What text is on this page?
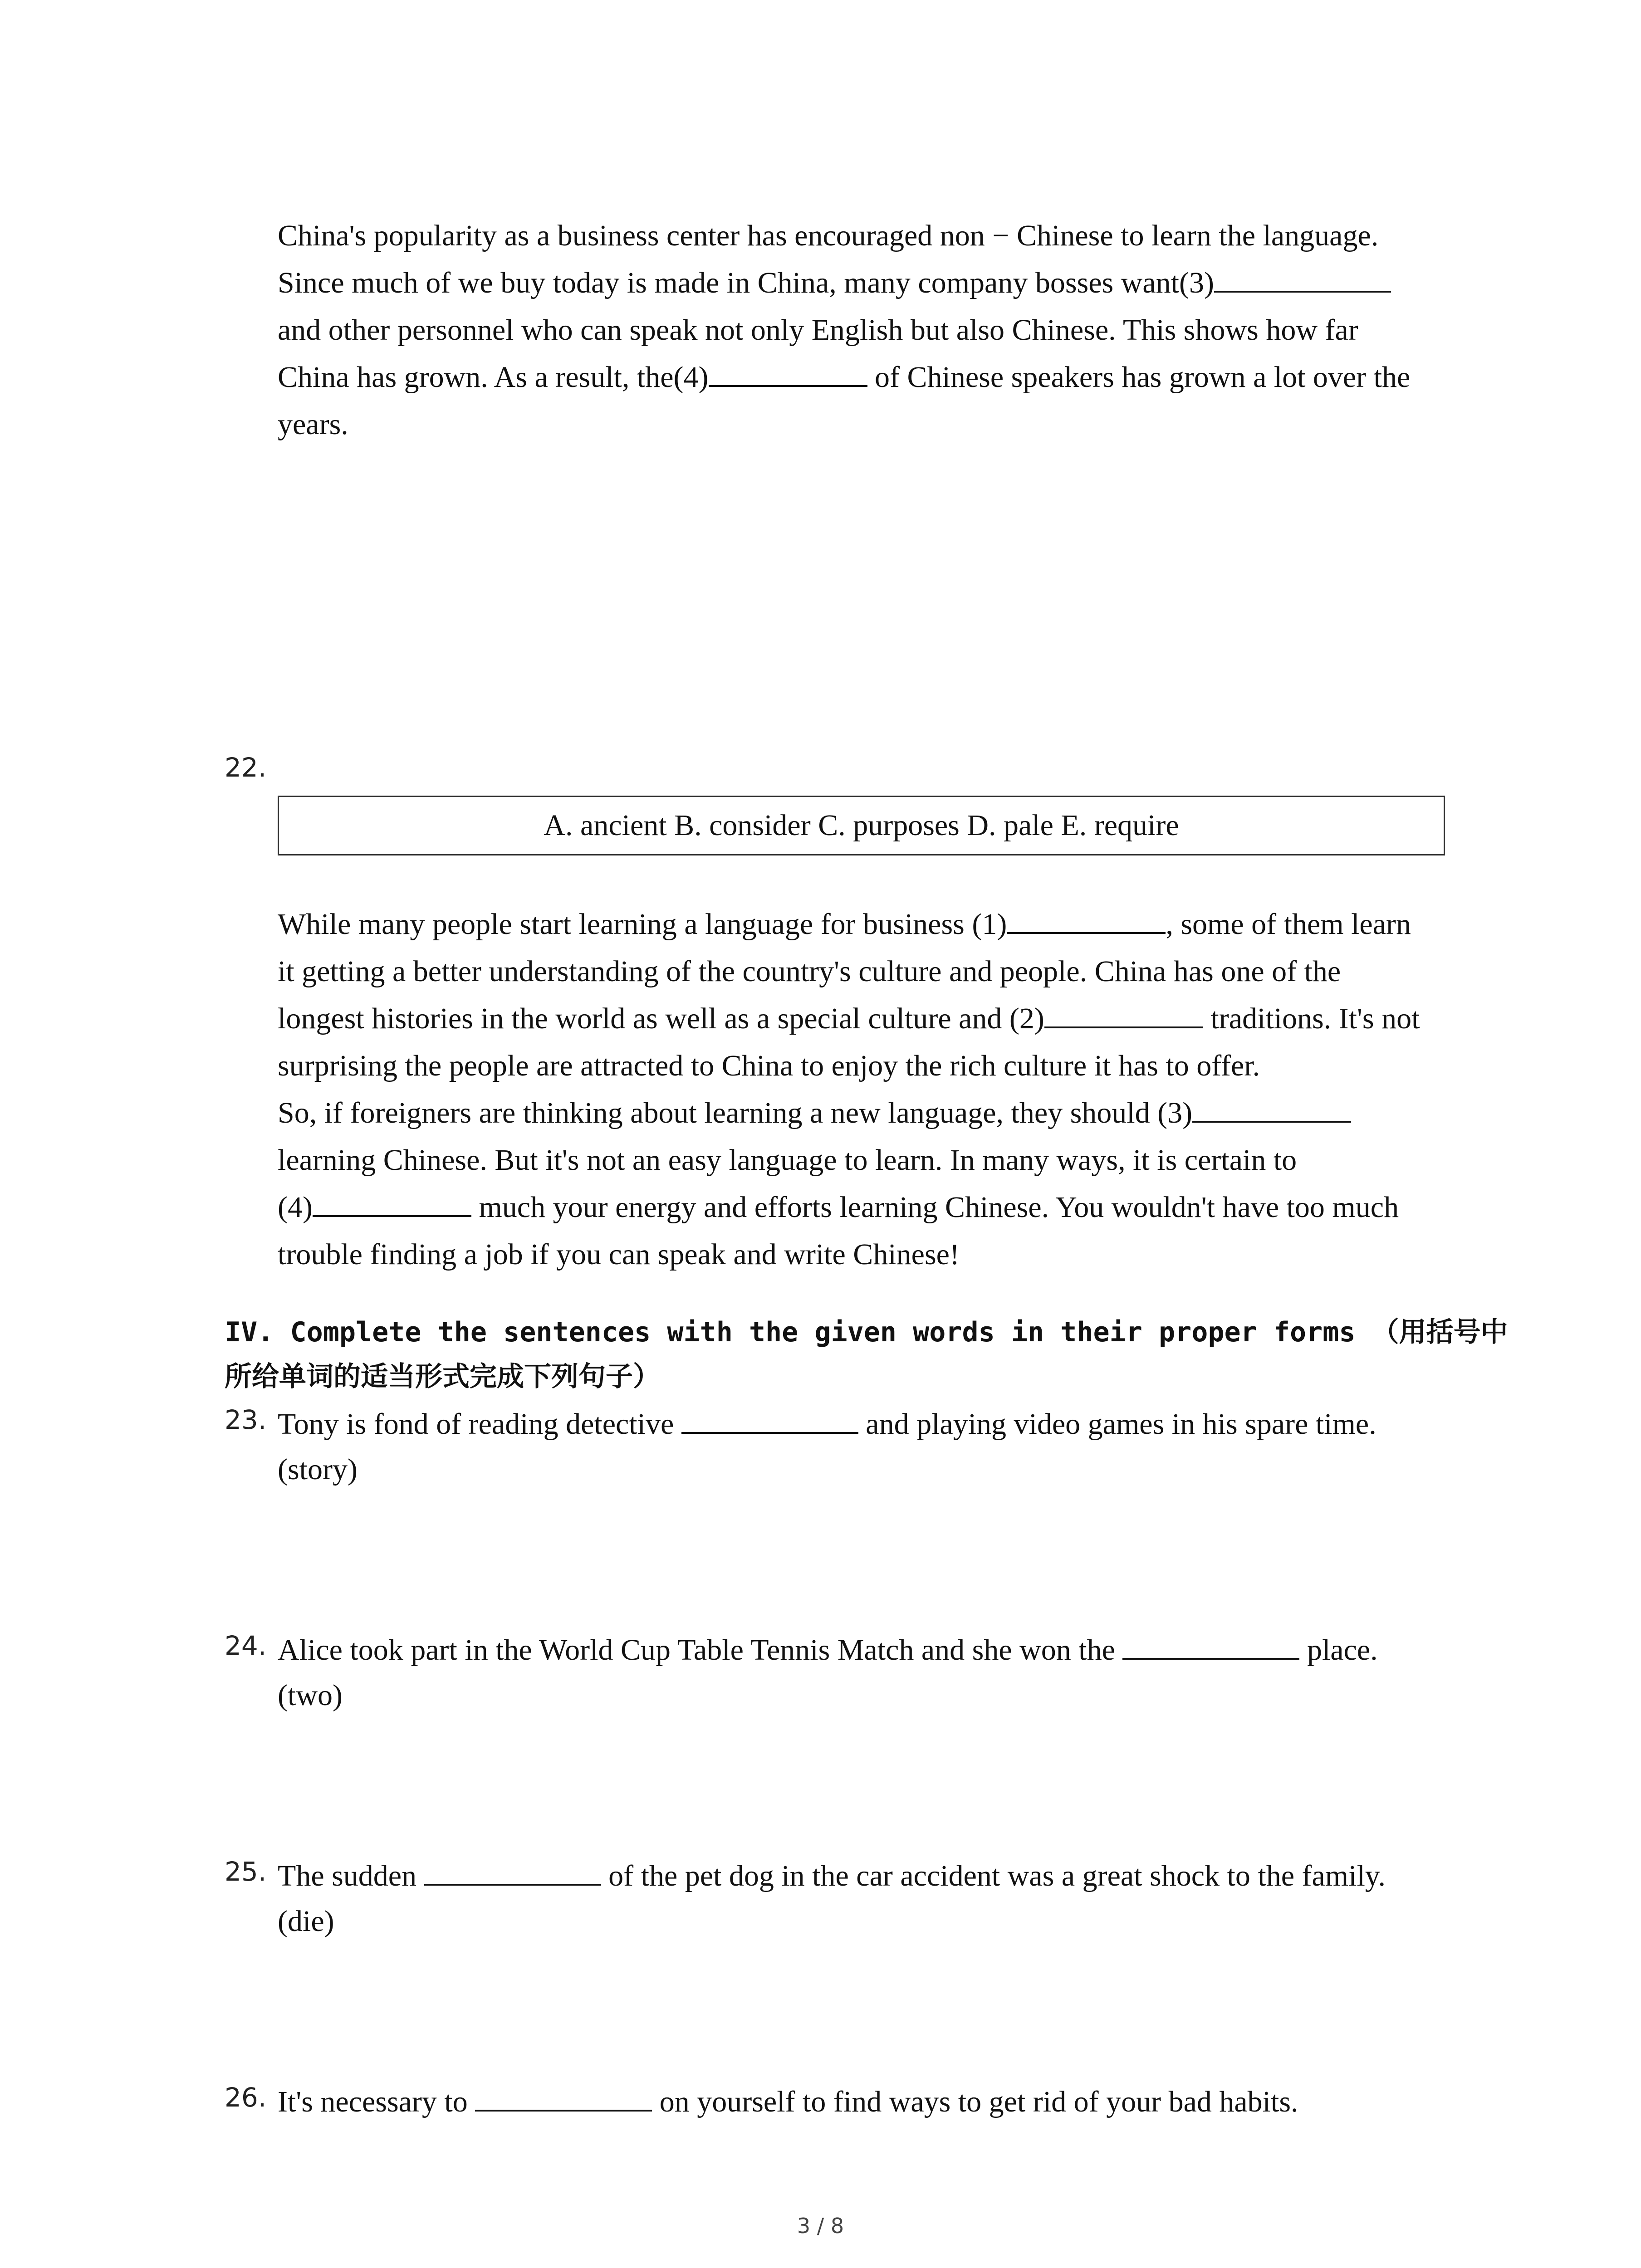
China's popularity as a business center has encouraged non − Chinese to learn the language.

Since much of we buy today is made in China, many company bosses want(3)

and other personnel who can speak not only English but also Chinese. This shows how far

China has grown. As a result, the(4)	of Chinese speakers has grown a lot over the

years.

22.
A. ancient B. consider C. purposes D. pale E. require

While many people start learning a language for business (1)	, some of them learn

it getting a better understanding of the country's culture and people. China has one of the

longest histories in the world as well as a special culture and (2)	traditions. It's not

surprising the people are attracted to China to enjoy the rich culture it has to offer.

So, if foreigners are thinking about learning a new language, they should (3)

learning Chinese. But it's not an easy language to learn. In many ways, it is certain to

(4)	much your energy and efforts learning Chinese. You wouldn't have too much

trouble finding a job if you can speak and write Chinese!

IV. Complete the sentences with the given words in their proper forms （用括号中

所给单词的适当形式完成下列句子）

23. Tony is fond of reading detective	and playing video games in his spare time.
(story)
24. Alice took part in the World Cup Table Tennis Match and she won the	place.
(two)
25. The sudden	of the pet dog in the car accident was a great shock to the family.
(die)
26. It's necessary to	on yourself to find ways to get rid of your bad habits.
3 / 8
